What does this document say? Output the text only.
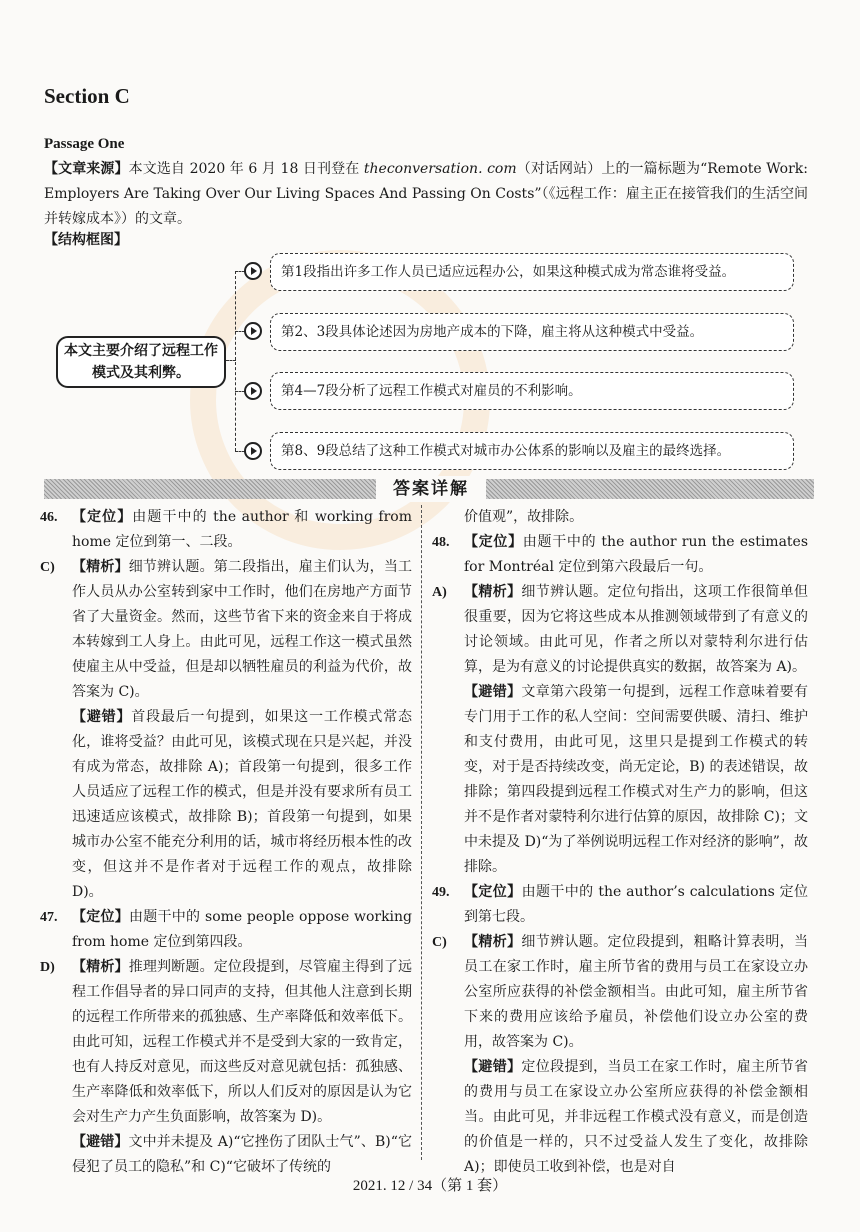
Section C
Passage One
【文章来源】本文选自 2020 年 6 月 18 日刊登在 theconversation. com（对话网站）上的一篇标题为“Remote Work: Employers Are Taking Over Our Living Spaces And Passing On Costs”（《远程工作：雇主正在接管我们的生活空间并转嫁成本》）的文章。
【结构框图】
本文主要介绍了远程工作模式及其利弊。
第1段指出许多工作人员已适应远程办公，如果这种模式成为常态谁将受益。
第2、3段具体论述因为房地产成本的下降，雇主将从这种模式中受益。
第4—7段分析了远程工作模式对雇员的不利影响。
第8、9段总结了这种工作模式对城市办公体系的影响以及雇主的最终选择。
答案详解
46.	【定位】由题干中的 the author 和 working from home 定位到第一、二段。
C)	【精析】细节辨认题。第二段指出，雇主们认为，当工作人员从办公室转到家中工作时，他们在房地产方面节省了大量资金。然而，这些节省下来的资金来自于将成本转嫁到工人身上。由此可见，远程工作这一模式虽然使雇主从中受益，但是却以牺牲雇员的利益为代价，故答案为 C)。
【避错】首段最后一句提到，如果这一工作模式常态化，谁将受益？由此可见，该模式现在只是兴起，并没有成为常态，故排除 A)；首段第一句提到，很多工作人员适应了远程工作的模式，但是并没有要求所有员工迅速适应该模式，故排除 B)；首段第一句提到，如果城市办公室不能充分利用的话，城市将经历根本性的改变，但这并不是作者对于远程工作的观点，故排除 D)。
47.	【定位】由题干中的 some people oppose working from home 定位到第四段。
D)	【精析】推理判断题。定位段提到，尽管雇主得到了远程工作倡导者的异口同声的支持，但其他人注意到长期的远程工作所带来的孤独感、生产率降低和效率低下。由此可知，远程工作模式并不是受到大家的一致肯定，也有人持反对意见，而这些反对意见就包括：孤独感、生产率降低和效率低下，所以人们反对的原因是认为它会对生产力产生负面影响，故答案为 D)。
【避错】文中并未提及 A)“它挫伤了团队士气”、B)“它侵犯了员工的隐私”和 C)“它破坏了传统的
价值观”，故排除。
48.	【定位】由题干中的 the author run the estimates for Montréal 定位到第六段最后一句。
A)	【精析】细节辨认题。定位句指出，这项工作很简单但很重要，因为它将这些成本从推测领域带到了有意义的讨论领域。由此可见，作者之所以对蒙特利尔进行估算，是为有意义的讨论提供真实的数据，故答案为 A)。
【避错】文章第六段第一句提到，远程工作意味着要有专门用于工作的私人空间：空间需要供暖、清扫、维护和支付费用，由此可见，这里只是提到工作模式的转变，对于是否持续改变，尚无定论，B) 的表述错误，故排除；第四段提到远程工作模式对生产力的影响，但这并不是作者对蒙特利尔进行估算的原因，故排除 C)；文中未提及 D)“为了举例说明远程工作对经济的影响”，故排除。
49.	【定位】由题干中的 the author’s calculations 定位到第七段。
C)	【精析】细节辨认题。定位段提到，粗略计算表明，当员工在家工作时，雇主所节省的费用与员工在家设立办公室所应获得的补偿金额相当。由此可知，雇主所节省下来的费用应该给予雇员，补偿他们设立办公室的费用，故答案为 C)。
【避错】定位段提到，当员工在家工作时，雇主所节省的费用与员工在家设立办公室所应获得的补偿金额相当。由此可见，并非远程工作模式没有意义，而是创造的价值是一样的，只不过受益人发生了变化，故排除 A)；即使员工收到补偿，也是对自
2021. 12 / 34（第 1 套）
